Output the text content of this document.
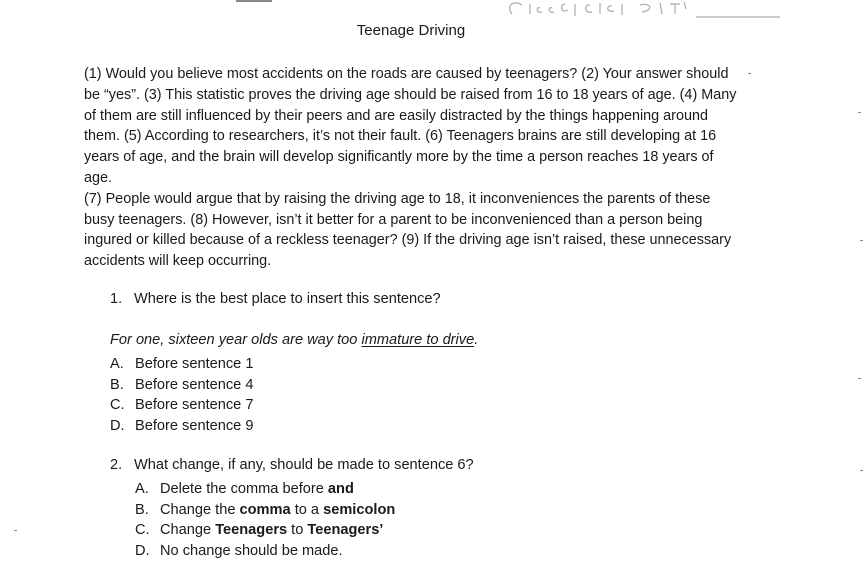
Teenage Driving

(1) Would you believe most accidents on the roads are caused by teenagers? (2) Your answer should be “yes”. (3) This statistic proves the driving age should be raised from 16 to 18 years of age. (4) Many of them are still influenced by their peers and are easily distracted by the things happening around them. (5) According to researchers, it’s not their fault. (6) Teenagers brains are still developing at 16 years of age, and the brain will develop significantly more by the time a person reaches 18 years of age.

(7) People would argue that by raising the driving age to 18, it inconveniences the parents of these busy teenagers. (8) However, isn’t it better for a parent to be inconvenienced than a person being ingured or killed because of a reckless teenager? (9) If the driving age isn’t raised, these unnecessary accidents will keep occurring.

1. Where is the best place to insert this sentence?
For one, sixteen year olds are way too immature to drive.
A. Before sentence 1
B. Before sentence 4
C. Before sentence 7
D. Before sentence 9
2. What change, if any, should be made to sentence 6?
A. Delete the comma before and
B. Change the comma to a semicolon
C. Change Teenagers to Teenagers’
D. No change should be made.
